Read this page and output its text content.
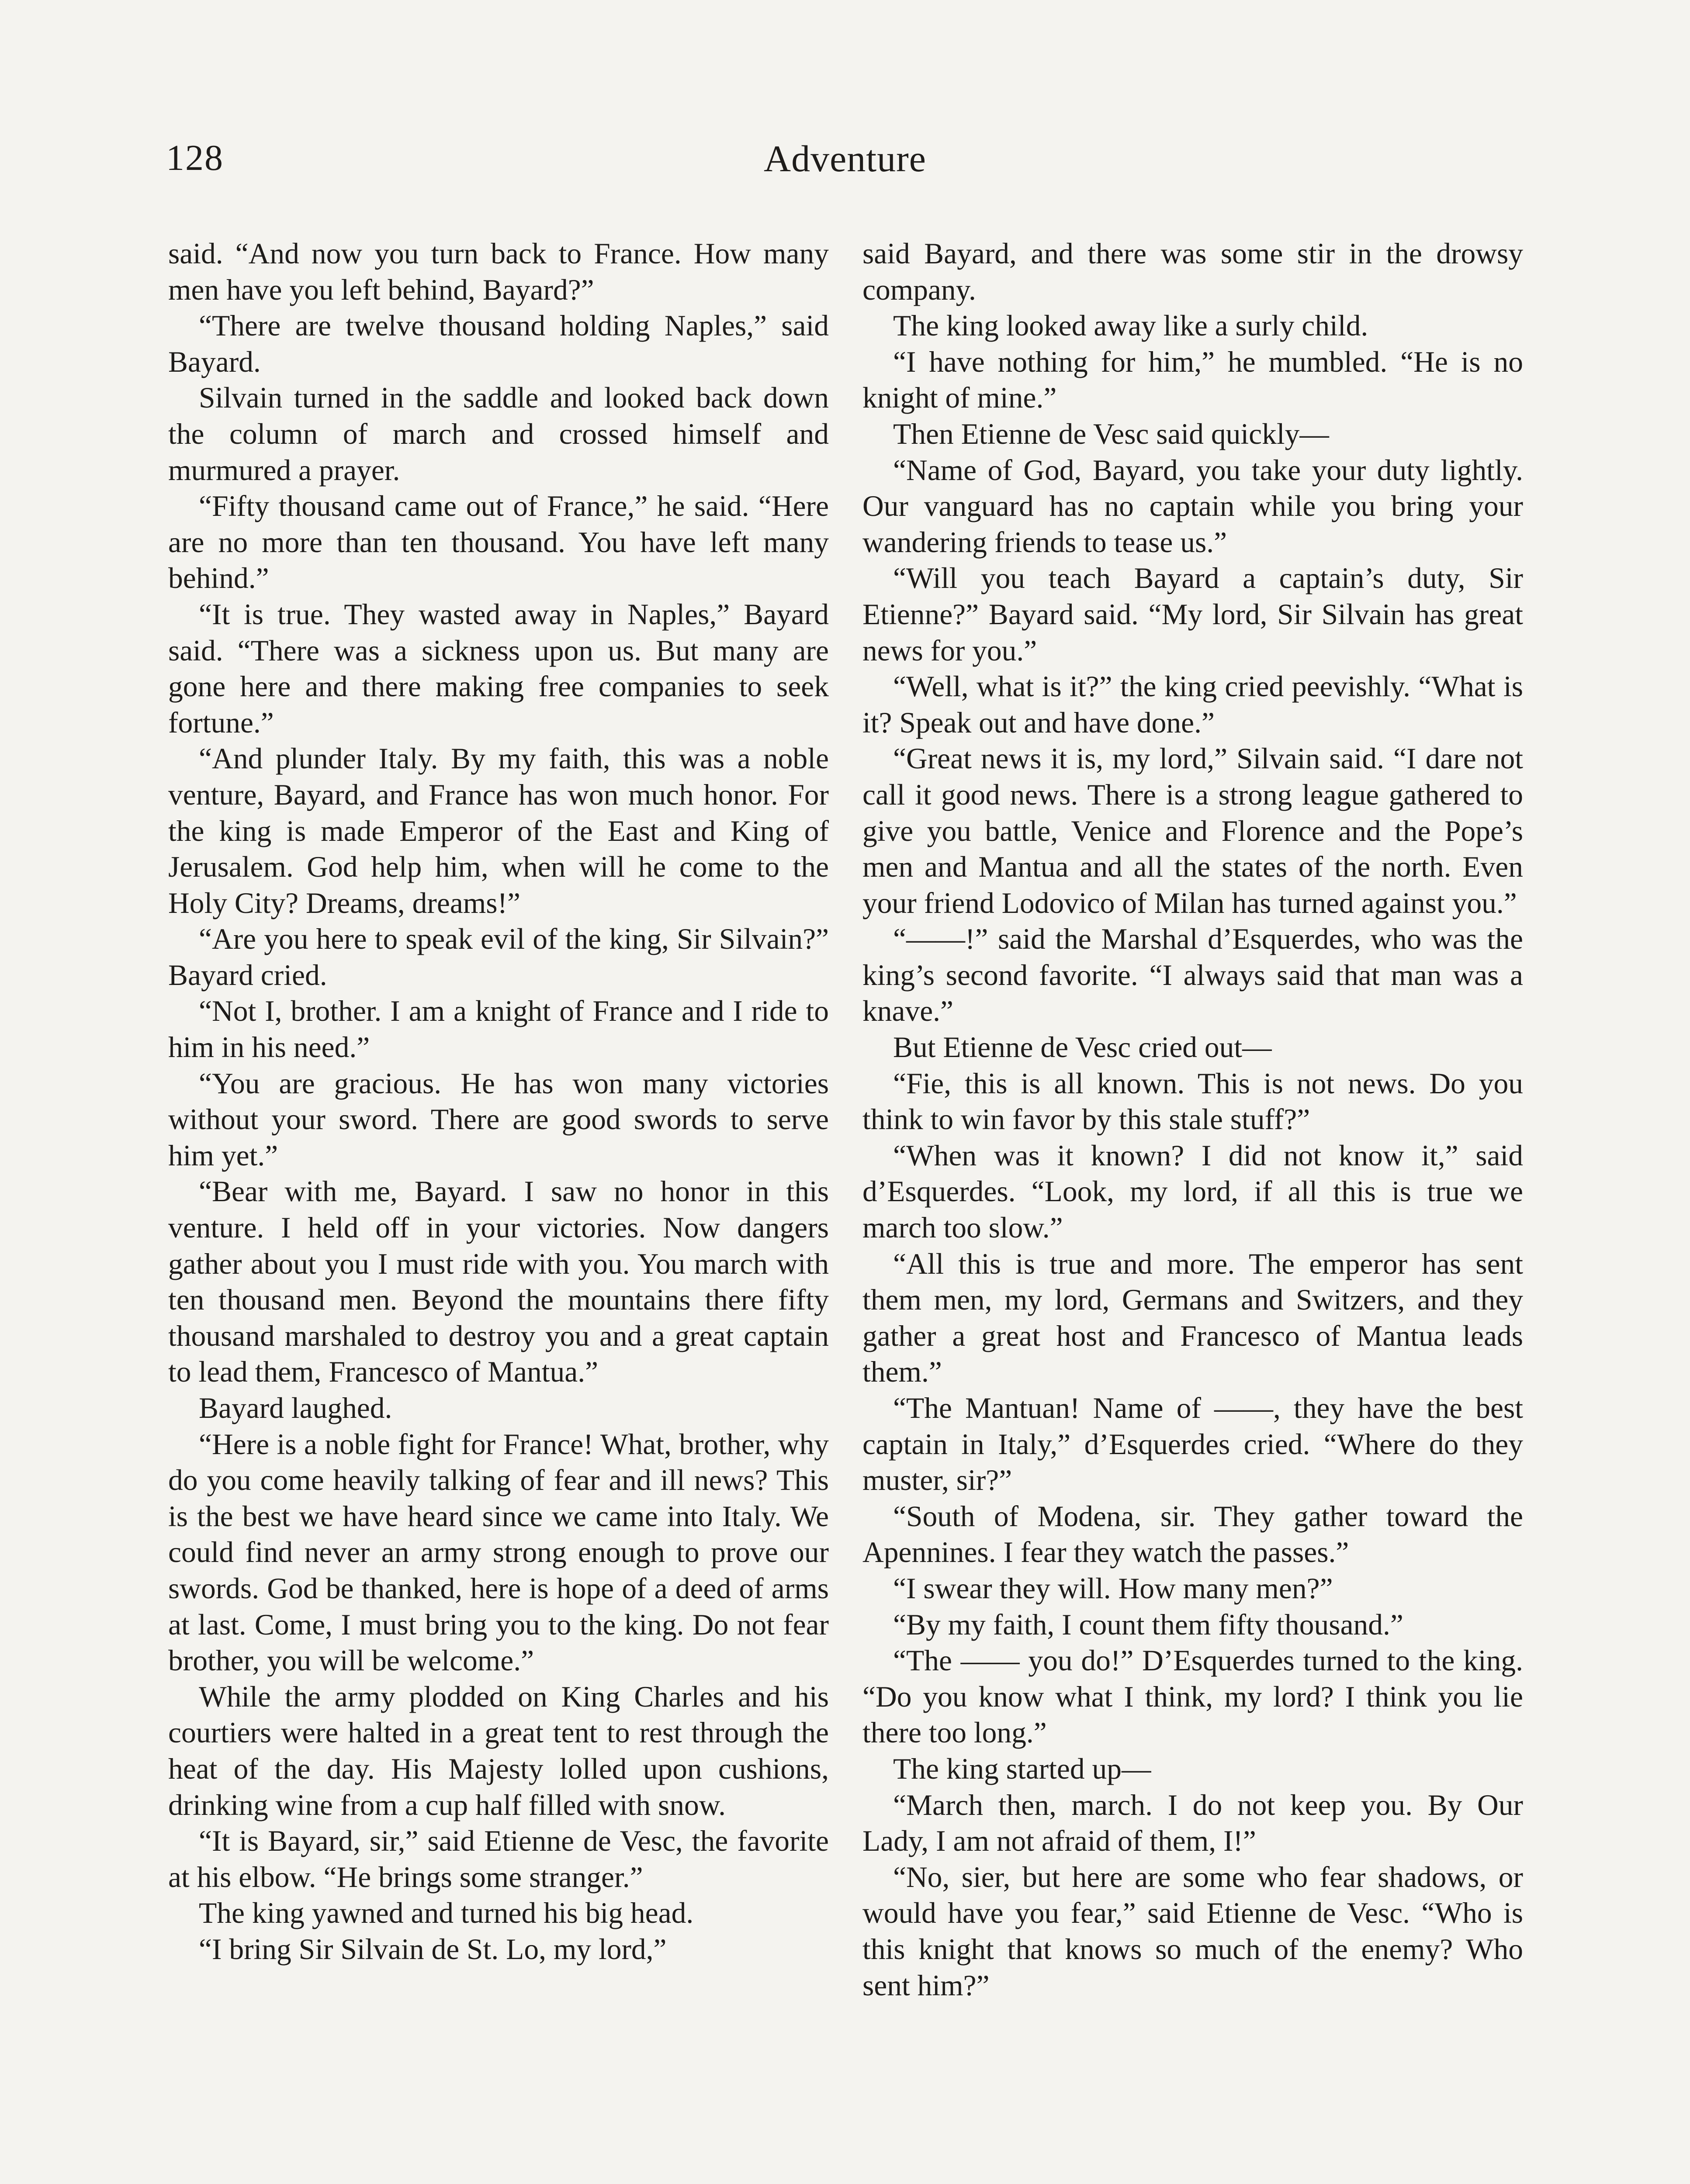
128	Adventure

said. “And now you turn back to France. How many men have you left behind, Bayard?”

“There are twelve thousand holding Naples,” said Bayard.

Silvain turned in the saddle and looked back down the column of march and crossed himself and murmured a prayer.

“Fifty thousand came out of France,” he said. “Here are no more than ten thousand. You have left many behind.”

“It is true. They wasted away in Naples,” Bayard said. “There was a sickness upon us. But many are gone here and there making free companies to seek fortune.”

“And plunder Italy. By my faith, this was a noble venture, Bayard, and France has won much honor. For the king is made Emperor of the East and King of Jerusalem. God help him, when will he come to the Holy City? Dreams, dreams!”

“Are you here to speak evil of the king, Sir Silvain?” Bayard cried.

“Not I, brother. I am a knight of France and I ride to him in his need.”

“You are gracious. He has won many victories without your sword. There are good swords to serve him yet.”

“Bear with me, Bayard. I saw no honor in this venture. I held off in your victories. Now dangers gather about you I must ride with you. You march with ten thousand men. Beyond the mountains there fifty thousand marshaled to destroy you and a great captain to lead them, Francesco of Mantua.”

Bayard laughed.

“Here is a noble fight for France! What, brother, why do you come heavily talking of fear and ill news? This is the best we have heard since we came into Italy. We could find never an army strong enough to prove our swords. God be thanked, here is hope of a deed of arms at last. Come, I must bring you to the king. Do not fear brother, you will be welcome.”

While the army plodded on King Charles and his courtiers were halted in a great tent to rest through the heat of the day. His Majesty lolled upon cushions, drinking wine from a cup half filled with snow.

“It is Bayard, sir,” said Etienne de Vesc, the favorite at his elbow. “He brings some stranger.”

The king yawned and turned his big head.

“I bring Sir Silvain de St. Lo, my lord,”

said Bayard, and there was some stir in the drowsy company.

The king looked away like a surly child.

“I have nothing for him,” he mumbled. “He is no knight of mine.”

Then Etienne de Vesc said quickly—

“Name of God, Bayard, you take your duty lightly. Our vanguard has no captain while you bring your wandering friends to tease us.”

“Will you teach Bayard a captain’s duty, Sir Etienne?” Bayard said. “My lord, Sir Silvain has great news for you.”

“Well, what is it?” the king cried peevishly. “What is it? Speak out and have done.”

“Great news it is, my lord,” Silvain said. “I dare not call it good news. There is a strong league gathered to give you battle, Venice and Florence and the Pope’s men and Mantua and all the states of the north. Even your friend Lodovico of Milan has turned against you.”

“——!” said the Marshal d’Esquerdes, who was the king’s second favorite. “I always said that man was a knave.”

But Etienne de Vesc cried out—

“Fie, this is all known. This is not news. Do you think to win favor by this stale stuff?”

“When was it known? I did not know it,” said d’Esquerdes. “Look, my lord, if all this is true we march too slow.”

“All this is true and more. The emperor has sent them men, my lord, Germans and Switzers, and they gather a great host and Francesco of Mantua leads them.”

“The Mantuan! Name of ——, they have the best captain in Italy,” d’Esquerdes cried. “Where do they muster, sir?”

“South of Modena, sir. They gather toward the Apennines. I fear they watch the passes.”

“I swear they will. How many men?”

“By my faith, I count them fifty thousand.”

“The —— you do!” D’Esquerdes turned to the king. “Do you know what I think, my lord? I think you lie there too long.”

The king started up—

“March then, march. I do not keep you. By Our Lady, I am not afraid of them, I!”

“No, sier, but here are some who fear shadows, or would have you fear,” said Etienne de Vesc. “Who is this knight that knows so much of the enemy? Who sent him?”
